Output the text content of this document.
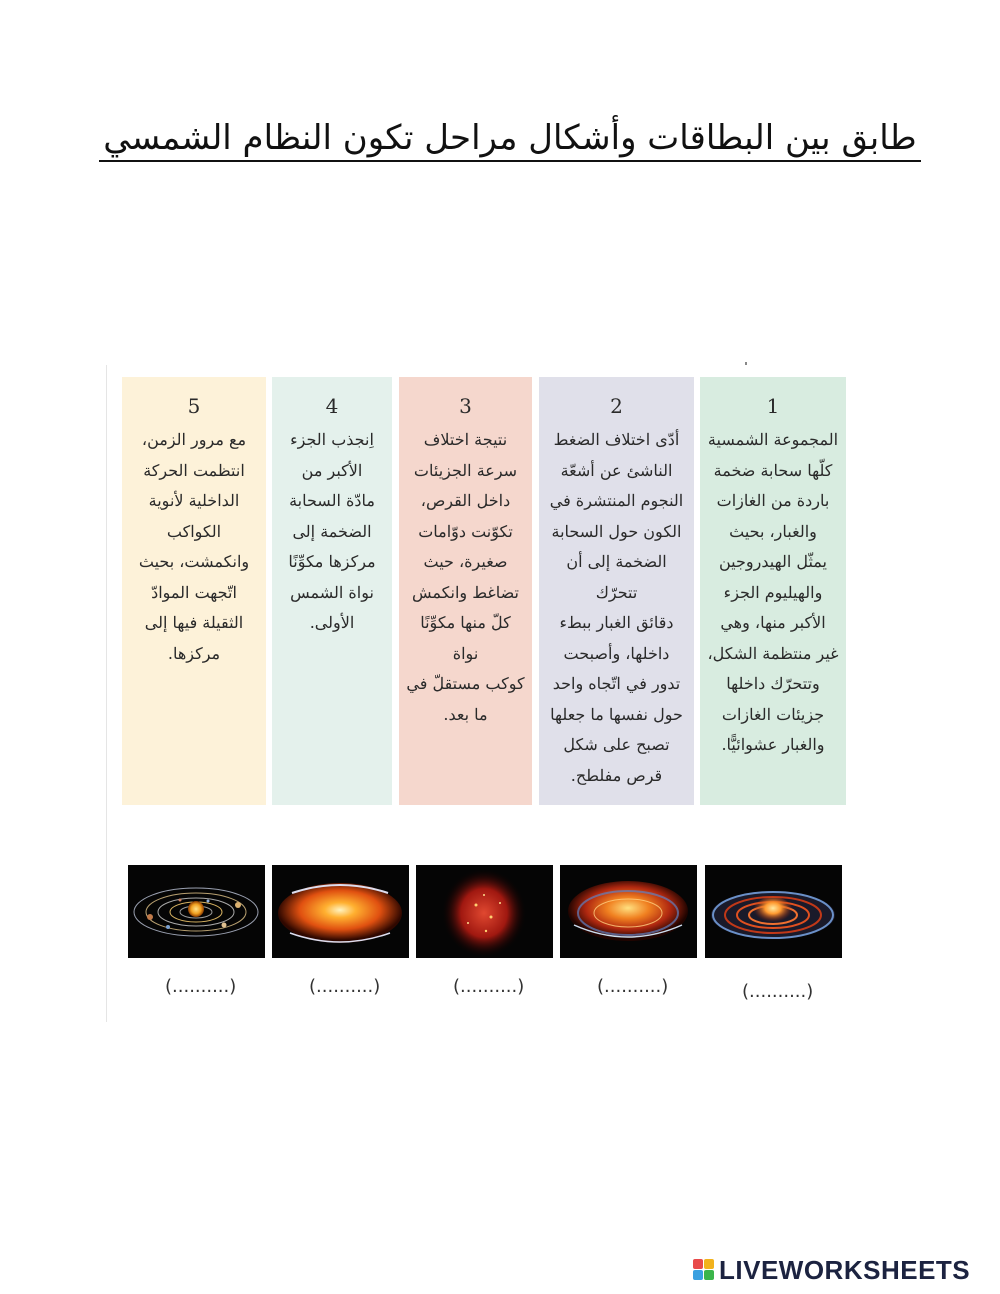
طابق بين البطاقات وأشكال مراحل تكون النظام الشمسي
5
مع مرور الزمن،
انتظمت الحركة
الداخلية لأنوية
الكواكب
وانكمشت، بحيث
اتّجهت الموادّ
الثقيلة فيها إلى
مركزها.
4
اِنجذب الجزء
الأكبر من
مادّة السحابة
الضخمة إلى
مركزها مكوِّنًا
نواة الشمس
الأولى.
3
نتيجة اختلاف
سرعة الجزيئات
داخل القرص،
تكوّنت دوّامات
صغيرة، حيث
تضاغط وانكمش
كلّ منها مكوِّنًا نواة
كوكب مستقلّ في
ما بعد.
2
أدّى اختلاف الضغط
الناشئ عن أشعّة
النجوم المنتشرة في
الكون حول السحابة
الضخمة إلى أن تتحرّك
دقائق الغبار ببطء
داخلها، وأصبحت
تدور في اتّجاه واحد
حول نفسها ما جعلها
تصبح على شكل
قرص مفلطح.
1
المجموعة الشمسية
كلّها سحابة ضخمة
باردة من الغازات
والغبار، بحيث
يمثّل الهيدروجين
والهيليوم الجزء
الأكبر منها، وهي
غير منتظمة الشكل،
وتتحرّك داخلها
جزيئات الغازات
والغبار عشوائيًّا.
(..........)	(..........)	(..........)	(..........)	(..........)
LIVEWORKSHEETS
